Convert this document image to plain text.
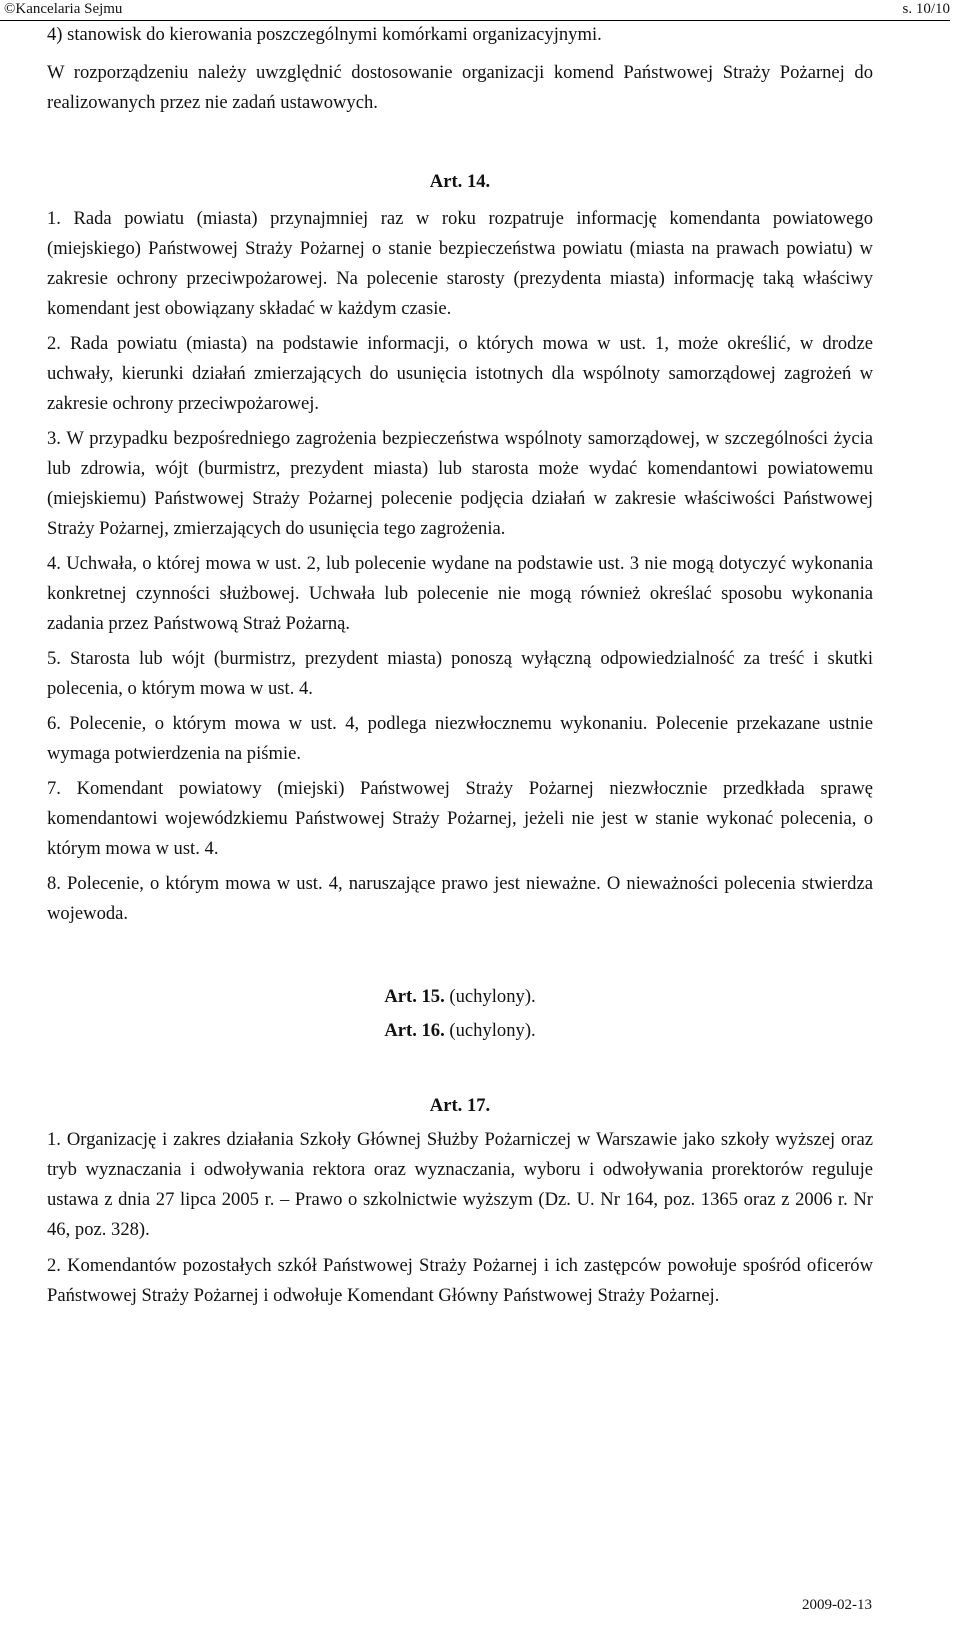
©Kancelaria Sejmu	s. 10/10

4) stanowisk do kierowania poszczególnymi komórkami organizacyjnymi.

W rozporządzeniu należy uwzględnić dostosowanie organizacji komend Państwowej Straży Pożarnej do realizowanych przez nie zadań ustawowych.

Art. 14.

1. Rada powiatu (miasta) przynajmniej raz w roku rozpatruje informację komendanta powiatowego (miejskiego) Państwowej Straży Pożarnej o stanie bezpieczeństwa powiatu (miasta na prawach powiatu) w zakresie ochrony przeciwpożarowej. Na polecenie starosty (prezydenta miasta) informację taką właściwy komendant jest obowiązany składać w każdym czasie.

2. Rada powiatu (miasta) na podstawie informacji, o których mowa w ust. 1, może określić, w drodze uchwały, kierunki działań zmierzających do usunięcia istotnych dla wspólnoty samorządowej zagrożeń w zakresie ochrony przeciwpożarowej.

3. W przypadku bezpośredniego zagrożenia bezpieczeństwa wspólnoty samorządowej, w szczególności życia lub zdrowia, wójt (burmistrz, prezydent miasta) lub starosta może wydać komendantowi powiatowemu (miejskiemu) Państwowej Straży Pożarnej polecenie podjęcia działań w zakresie właściwości Państwowej Straży Pożarnej, zmierzających do usunięcia tego zagrożenia.

4. Uchwała, o której mowa w ust. 2, lub polecenie wydane na podstawie ust. 3 nie mogą dotyczyć wykonania konkretnej czynności służbowej. Uchwała lub polecenie nie mogą również określać sposobu wykonania zadania przez Państwową Straż Pożarną.

5. Starosta lub wójt (burmistrz, prezydent miasta) ponoszą wyłączną odpowiedzialność za treść i skutki polecenia, o którym mowa w ust. 4.

6. Polecenie, o którym mowa w ust. 4, podlega niezwłocznemu wykonaniu. Polecenie przekazane ustnie wymaga potwierdzenia na piśmie.

7. Komendant powiatowy (miejski) Państwowej Straży Pożarnej niezwłocznie przedkłada sprawę komendantowi wojewódzkiemu Państwowej Straży Pożarnej, jeżeli nie jest w stanie wykonać polecenia, o którym mowa w ust. 4.

8. Polecenie, o którym mowa w ust. 4, naruszające prawo jest nieważne. O nieważności polecenia stwierdza wojewoda.

Art. 15. (uchylony).
Art. 16. (uchylony).
Art. 17.

1. Organizację i zakres działania Szkoły Głównej Służby Pożarniczej w Warszawie jako szkoły wyższej oraz tryb wyznaczania i odwoływania rektora oraz wyznaczania, wyboru i odwoływania prorektorów reguluje ustawa z dnia 27 lipca 2005 r. – Prawo o szkolnictwie wyższym (Dz. U. Nr 164, poz. 1365 oraz z 2006 r. Nr 46, poz. 328).

2. Komendantów pozostałych szkół Państwowej Straży Pożarnej i ich zastępców powołuje spośród oficerów Państwowej Straży Pożarnej i odwołuje Komendant Główny Państwowej Straży Pożarnej.

2009-02-13
